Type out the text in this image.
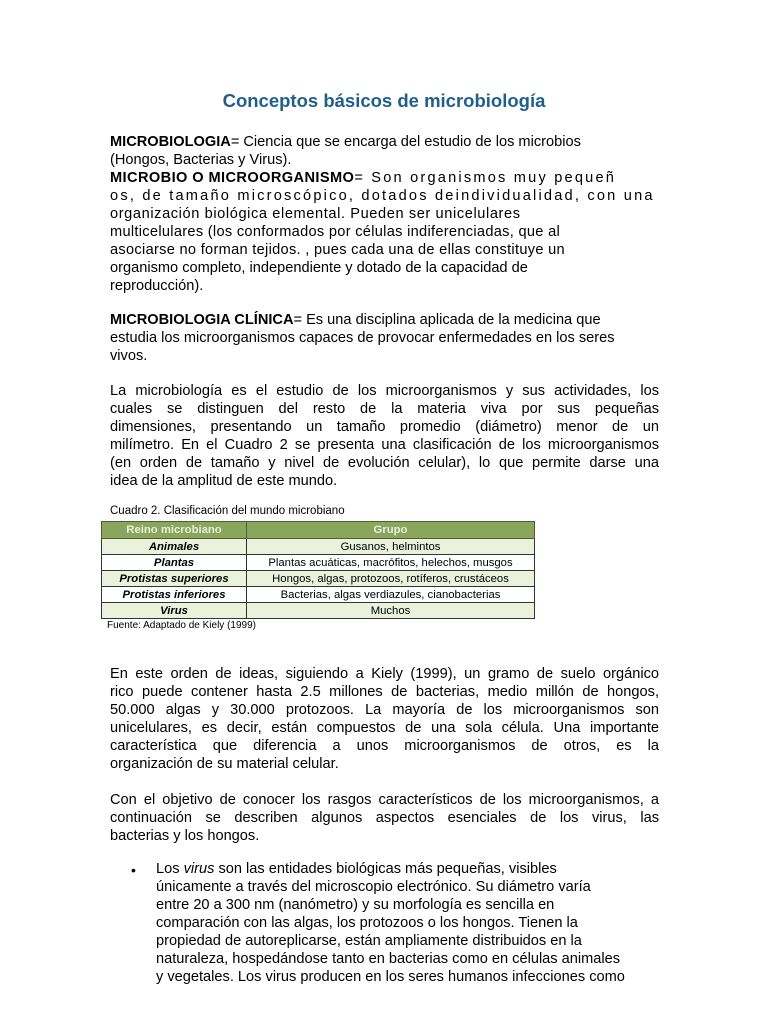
Conceptos básicos de microbiología
MICROBIOLOGIA= Ciencia que se encarga del estudio de los microbios
(Hongos, Bacterias y Virus).
MICROBIO O MICROORGANISMO= Son organismos muy pequeñ
os, de tamaño microscópico, dotados deindividualidad, con una
organización biológica elemental. Pueden ser unicelulares
multicelulares (los conformados por células indiferenciadas, que al
asociarse no forman tejidos. , pues cada una de ellas constituye un
organismo completo, independiente y dotado de la capacidad de
reproducción).
MICROBIOLOGIA CLÍNICA= Es una disciplina aplicada de la medicina que
estudia los microorganismos capaces de provocar enfermedades en los seres
vivos.
La microbiología es el estudio de los microorganismos y sus actividades, los
cuales se distinguen del resto de la materia viva por sus pequeñas
dimensiones, presentando un tamaño promedio (diámetro) menor de un
milímetro. En el Cuadro 2 se presenta una clasificación de los microorganismos
(en orden de tamaño y nivel de evolución celular), lo que permite darse una
idea de la amplitud de este mundo.
Cuadro 2. Clasificación del mundo microbiano
Reino microbiano	Grupo
Animales	Gusanos, helmintos
Plantas	Plantas acuáticas, macrófitos, helechos, musgos
Protistas superiores	Hongos, algas, protozoos, rotíferos, crustáceos
Protistas inferiores	Bacterias, algas verdiazules, cianobacterias
Virus	Muchos
Fuente: Adaptado de Kiely (1999)
En este orden de ideas, siguiendo a Kiely (1999), un gramo de suelo orgánico
rico puede contener hasta 2.5 millones de bacterias, medio millón de hongos,
50.000 algas y 30.000 protozoos. La mayoría de los microorganismos son
unicelulares, es decir, están compuestos de una sola célula. Una importante
característica que diferencia a unos microorganismos de otros, es la
organización de su material celular.
Con el objetivo de conocer los rasgos característicos de los microorganismos, a
continuación se describen algunos aspectos esenciales de los virus, las
bacterias y los hongos.
• Los virus son las entidades biológicas más pequeñas, visibles
únicamente a través del microscopio electrónico. Su diámetro varía
entre 20 a 300 nm (nanómetro) y su morfología es sencilla en
comparación con las algas, los protozoos o los hongos. Tienen la
propiedad de autoreplicarse, están ampliamente distribuidos en la
naturaleza, hospedándose tanto en bacterias como en células animales
y vegetales. Los virus producen en los seres humanos infecciones como
